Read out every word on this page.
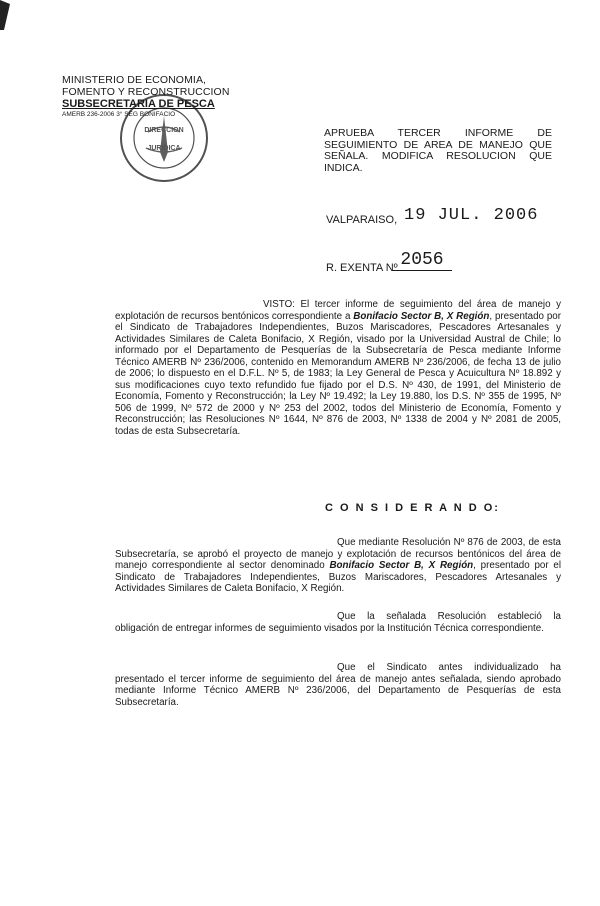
DIRECCION
JURIDICA
MINISTERIO DE ECONOMIA,
FOMENTO Y RECONSTRUCCION
SUBSECRETARIA DE PESCA
AMERB 236-2006 3° SEG BONIFACIO
APRUEBA TERCER INFORME DE SEGUIMIENTO DE AREA DE MANEJO QUE SEÑALA. MODIFICA RESOLUCION QUE INDICA.
VALPARAISO, 19 JUL. 2006
R. EXENTA Nº 2056
VISTO: El tercer informe de seguimiento del área de manejo y explotación de recursos bentónicos correspondiente a Bonifacio Sector B, X Región, presentado por el Sindicato de Trabajadores Independientes, Buzos Mariscadores, Pescadores Artesanales y Actividades Similares de Caleta Bonifacio, X Región, visado por la Universidad Austral de Chile; lo informado por el Departamento de Pesquerías de la Subsecretaría de Pesca mediante Informe Técnico AMERB Nº 236/2006, contenido en Memorandum AMERB Nº 236/2006, de fecha 13 de julio de 2006; lo dispuesto en el D.F.L. Nº 5, de 1983; la Ley General de Pesca y Acuicultura Nº 18.892 y sus modificaciones cuyo texto refundido fue fijado por el D.S. Nº 430, de 1991, del Ministerio de Economía, Fomento y Reconstrucción; la Ley Nº 19.492; la Ley 19.880, los D.S. Nº 355 de 1995, Nº 506 de 1999, Nº 572 de 2000 y Nº 253 del 2002, todos del Ministerio de Economía, Fomento y Reconstrucción; las Resoluciones Nº 1644, Nº 876 de 2003, Nº 1338 de 2004 y Nº 2081 de 2005, todas de esta Subsecretaría.
C O N S I D E R A N D O:
Que mediante Resolución Nº 876 de 2003, de esta Subsecretaría, se aprobó el proyecto de manejo y explotación de recursos bentónicos del área de manejo correspondiente al sector denominado Bonifacio Sector B, X Región, presentado por el Sindicato de Trabajadores Independientes, Buzos Mariscadores, Pescadores Artesanales y Actividades Similares de Caleta Bonifacio, X Región.
Que la señalada Resolución estableció la obligación de entregar informes de seguimiento visados por la Institución Técnica correspondiente.
Que el Sindicato antes individualizado ha presentado el tercer informe de seguimiento del área de manejo antes señalada, siendo aprobado mediante Informe Técnico AMERB Nº 236/2006, del Departamento de Pesquerías de esta Subsecretaría.
